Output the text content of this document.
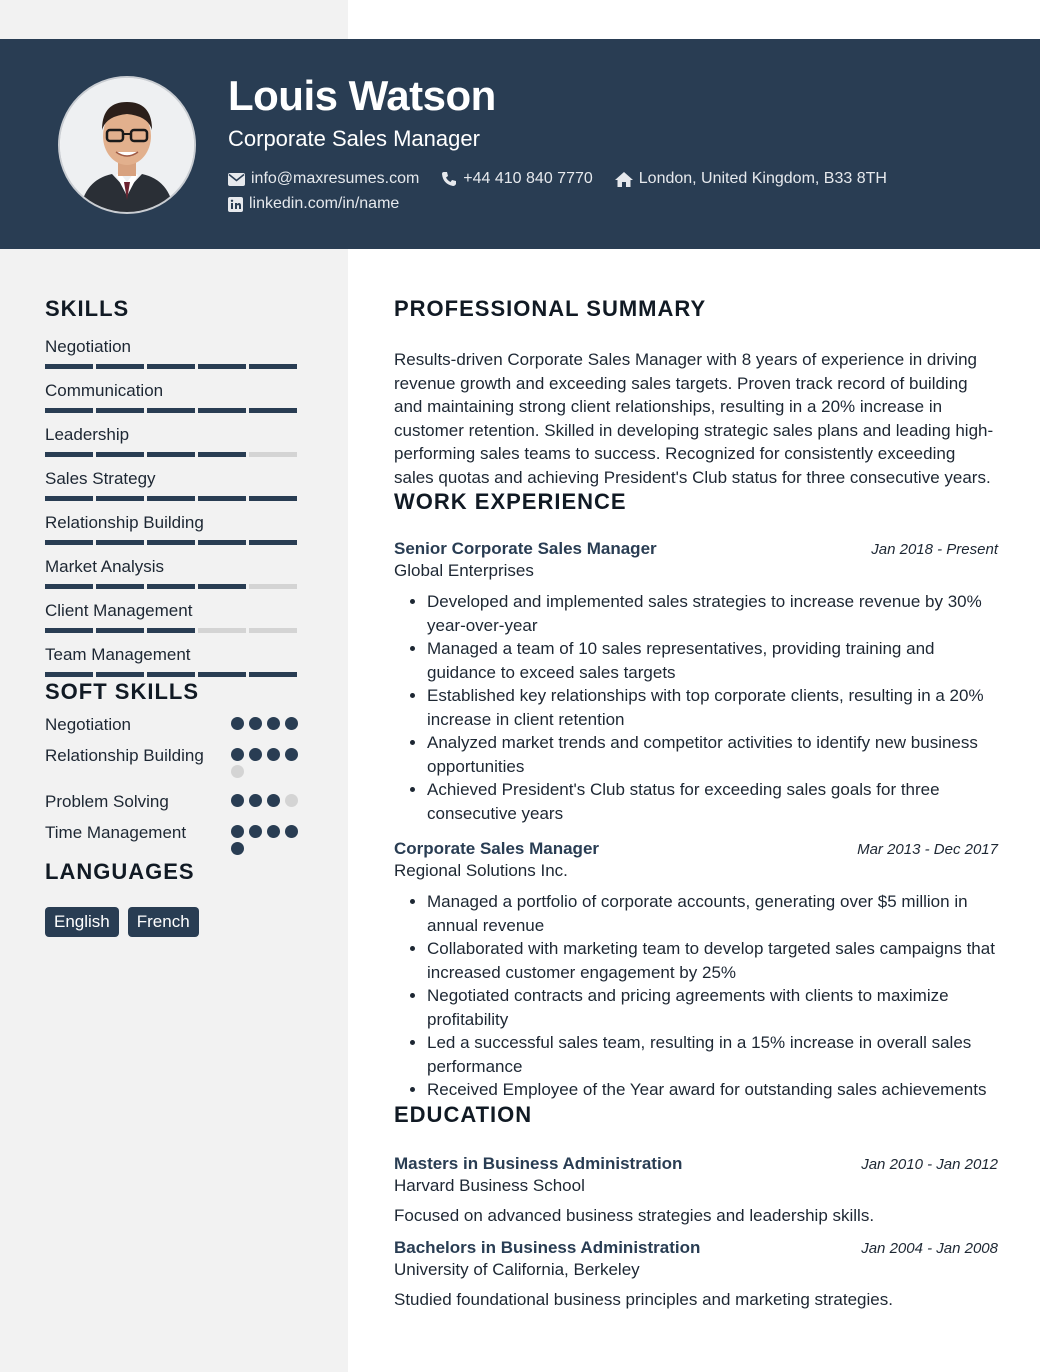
Louis Watson
Corporate Sales Manager
info@maxresumes.com	+44 410 840 7770	London, United Kingdom, B33 8TH
linkedin.com/in/name
SKILLS
Negotiation
Communication
Leadership
Sales Strategy
Relationship Building
Market Analysis
Client Management
Team Management
SOFT SKILLS
Negotiation
Relationship Building
Problem Solving
Time Management
LANGUAGES
English	French
PROFESSIONAL SUMMARY
Results-driven Corporate Sales Manager with 8 years of experience in driving revenue growth and exceeding sales targets. Proven track record of building and maintaining strong client relationships, resulting in a 20% increase in customer retention. Skilled in developing strategic sales plans and leading high-performing sales teams to success. Recognized for consistently exceeding sales quotas and achieving President's Club status for three consecutive years.
WORK EXPERIENCE
Senior Corporate Sales Manager	Jan 2018 - Present
Global Enterprises
• Developed and implemented sales strategies to increase revenue by 30% year-over-year
• Managed a team of 10 sales representatives, providing training and guidance to exceed sales targets
• Established key relationships with top corporate clients, resulting in a 20% increase in client retention
• Analyzed market trends and competitor activities to identify new business opportunities
• Achieved President's Club status for exceeding sales goals for three consecutive years
Corporate Sales Manager	Mar 2013 - Dec 2017
Regional Solutions Inc.
• Managed a portfolio of corporate accounts, generating over $5 million in annual revenue
• Collaborated with marketing team to develop targeted sales campaigns that increased customer engagement by 25%
• Negotiated contracts and pricing agreements with clients to maximize profitability
• Led a successful sales team, resulting in a 15% increase in overall sales performance
• Received Employee of the Year award for outstanding sales achievements
EDUCATION
Masters in Business Administration	Jan 2010 - Jan 2012
Harvard Business School
Focused on advanced business strategies and leadership skills.
Bachelors in Business Administration	Jan 2004 - Jan 2008
University of California, Berkeley
Studied foundational business principles and marketing strategies.
